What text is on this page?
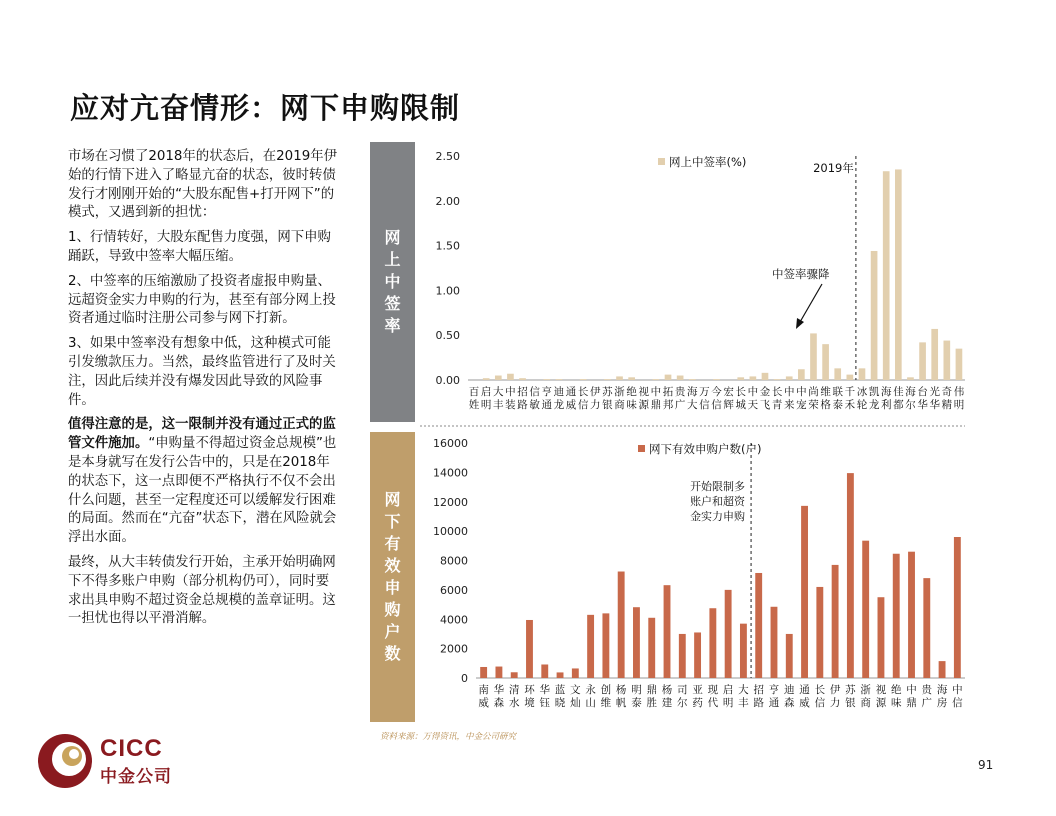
应对亢奋情形：网下申购限制

市场在习惯了2018年的状态后，在2019年伊始的行情下进入了略显亢奋的状态，彼时转债发行才刚刚开始的“大股东配售+打开网下”的模式，又遇到新的担忧：

1、行情转好，大股东配售力度强，网下申购踊跃，导致中签率大幅压缩。

2、中签率的压缩激励了投资者虚报申购量、远超资金实力申购的行为，甚至有部分网上投资者通过临时注册公司参与网下打新。

3、如果中签率没有想象中低，这种模式可能引发缴款压力。当然，最终监管进行了及时关注，因此后续并没有爆发因此导致的风险事件。

值得注意的是，这一限制并没有通过正式的监管文件施加。“申购量不得超过资金总规模”也是本身就写在发行公告中的，只是在2018年的状态下，这一点即便不严格执行不仅不会出什么问题，甚至一定程度还可以缓解发行困难的局面。然而在“亢奋”状态下，潜在风险就会浮出水面。

最终，从大丰转债发行开始，主承开始明确网下不得多账户申购（部分机构仍可），同时要求出具申购不超过资金总规模的盖章证明。这一担忧也得以平滑消解。

网
上
中
签
率
网
下
有
效
申
购
户
数
0.00
0.50
1.00
1.50
2.00
2.50
百姓
启明
大丰
中装
招路
信敏
亨通
迪龙
通威
长信
伊力
苏银
浙商
绝味
视源
中鼎
拓邦
贵广
海大
万信
今信
宏辉
长城
中天
金飞
长青
中来
中宠
尚荣
维格
联泰
千禾
冰轮
凯龙
海利
佳都
海尔
台华
光华
奇精
伟明
网上中签率(%)	2019年
中签率骤降
0
2000
4000
6000
8000
10000
12000
14000
16000
南威
华森
清水
环境
华钰
蓝晓
文灿
永山
创维
杨帆
明泰
鼎胜
杨建
司尔
亚药
现代
启明
大丰
招路
亨通
迪森
通威
长信
伊力
苏银
浙商
视源
绝味
中鼎
贵广
海房
中信
网下有效申购户数(户)
开始限制多
账户和超资
金实力申购
资料来源：万得资讯，中金公司研究
91
CICC
中金公司
